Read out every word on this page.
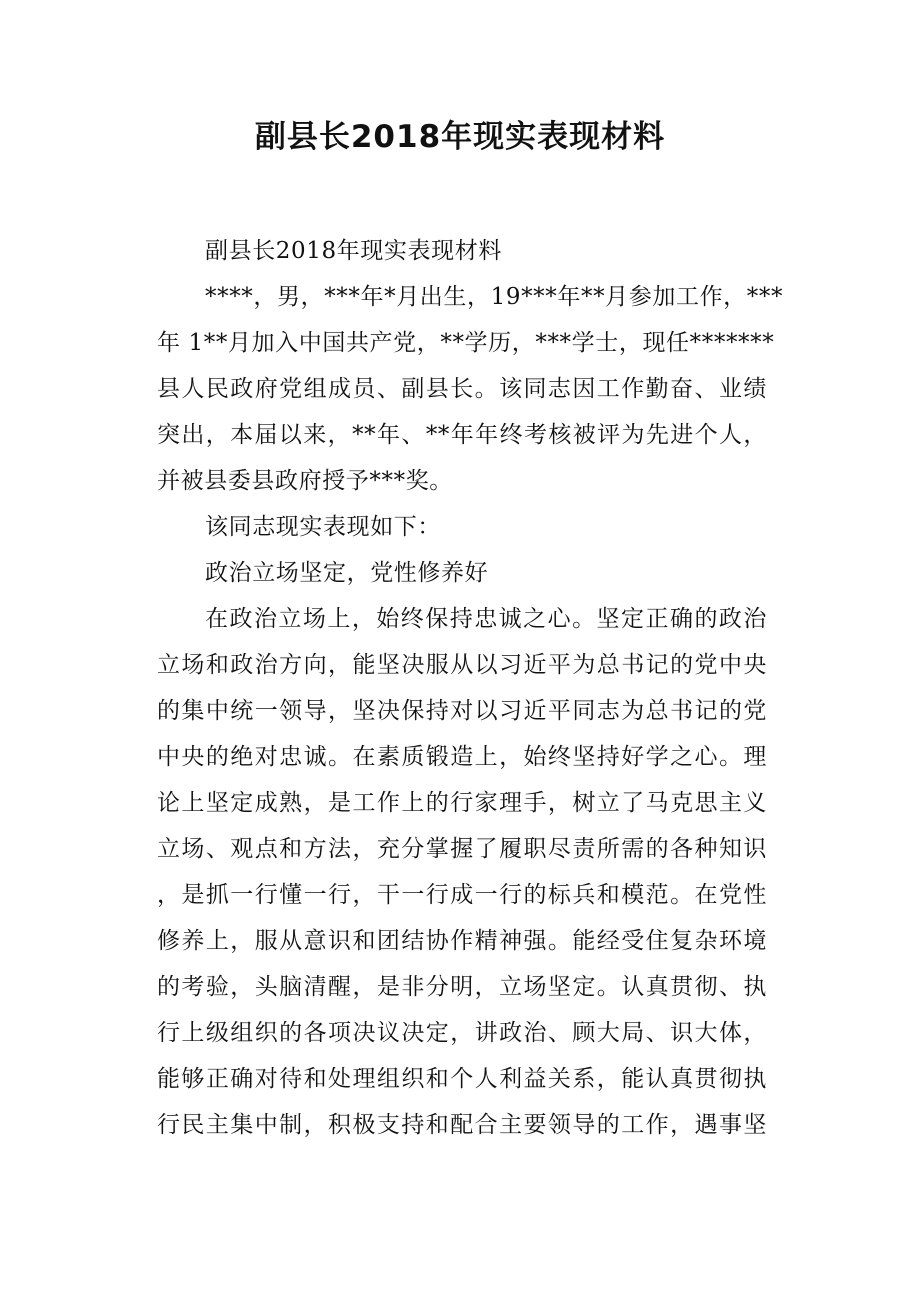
副县长2018年现实表现材料
副县长2018年现实表现材料
****，男，***年*月出生，19***年**月参加工作，***
年 1**月加入中国共产党，**学历，***学士，现任*******
县人民政府党组成员、副县长。该同志因工作勤奋、业绩
突出，本届以来，**年、**年年终考核被评为先进个人，
并被县委县政府授予***奖。
该同志现实表现如下：
政治立场坚定，党性修养好
在政治立场上，始终保持忠诚之心。坚定正确的政治
立场和政治方向，能坚决服从以习近平为总书记的党中央
的集中统一领导，坚决保持对以习近平同志为总书记的党
中央的绝对忠诚。在素质锻造上，始终坚持好学之心。理
论上坚定成熟，是工作上的行家理手，树立了马克思主义
立场、观点和方法，充分掌握了履职尽责所需的各种知识
，是抓一行懂一行，干一行成一行的标兵和模范。在党性
修养上，服从意识和团结协作精神强。能经受住复杂环境
的考验，头脑清醒，是非分明，立场坚定。认真贯彻、执
行上级组织的各项决议决定，讲政治、顾大局、识大体，
能够正确对待和处理组织和个人利益关系，能认真贯彻执
行民主集中制，积极支持和配合主要领导的工作，遇事坚
